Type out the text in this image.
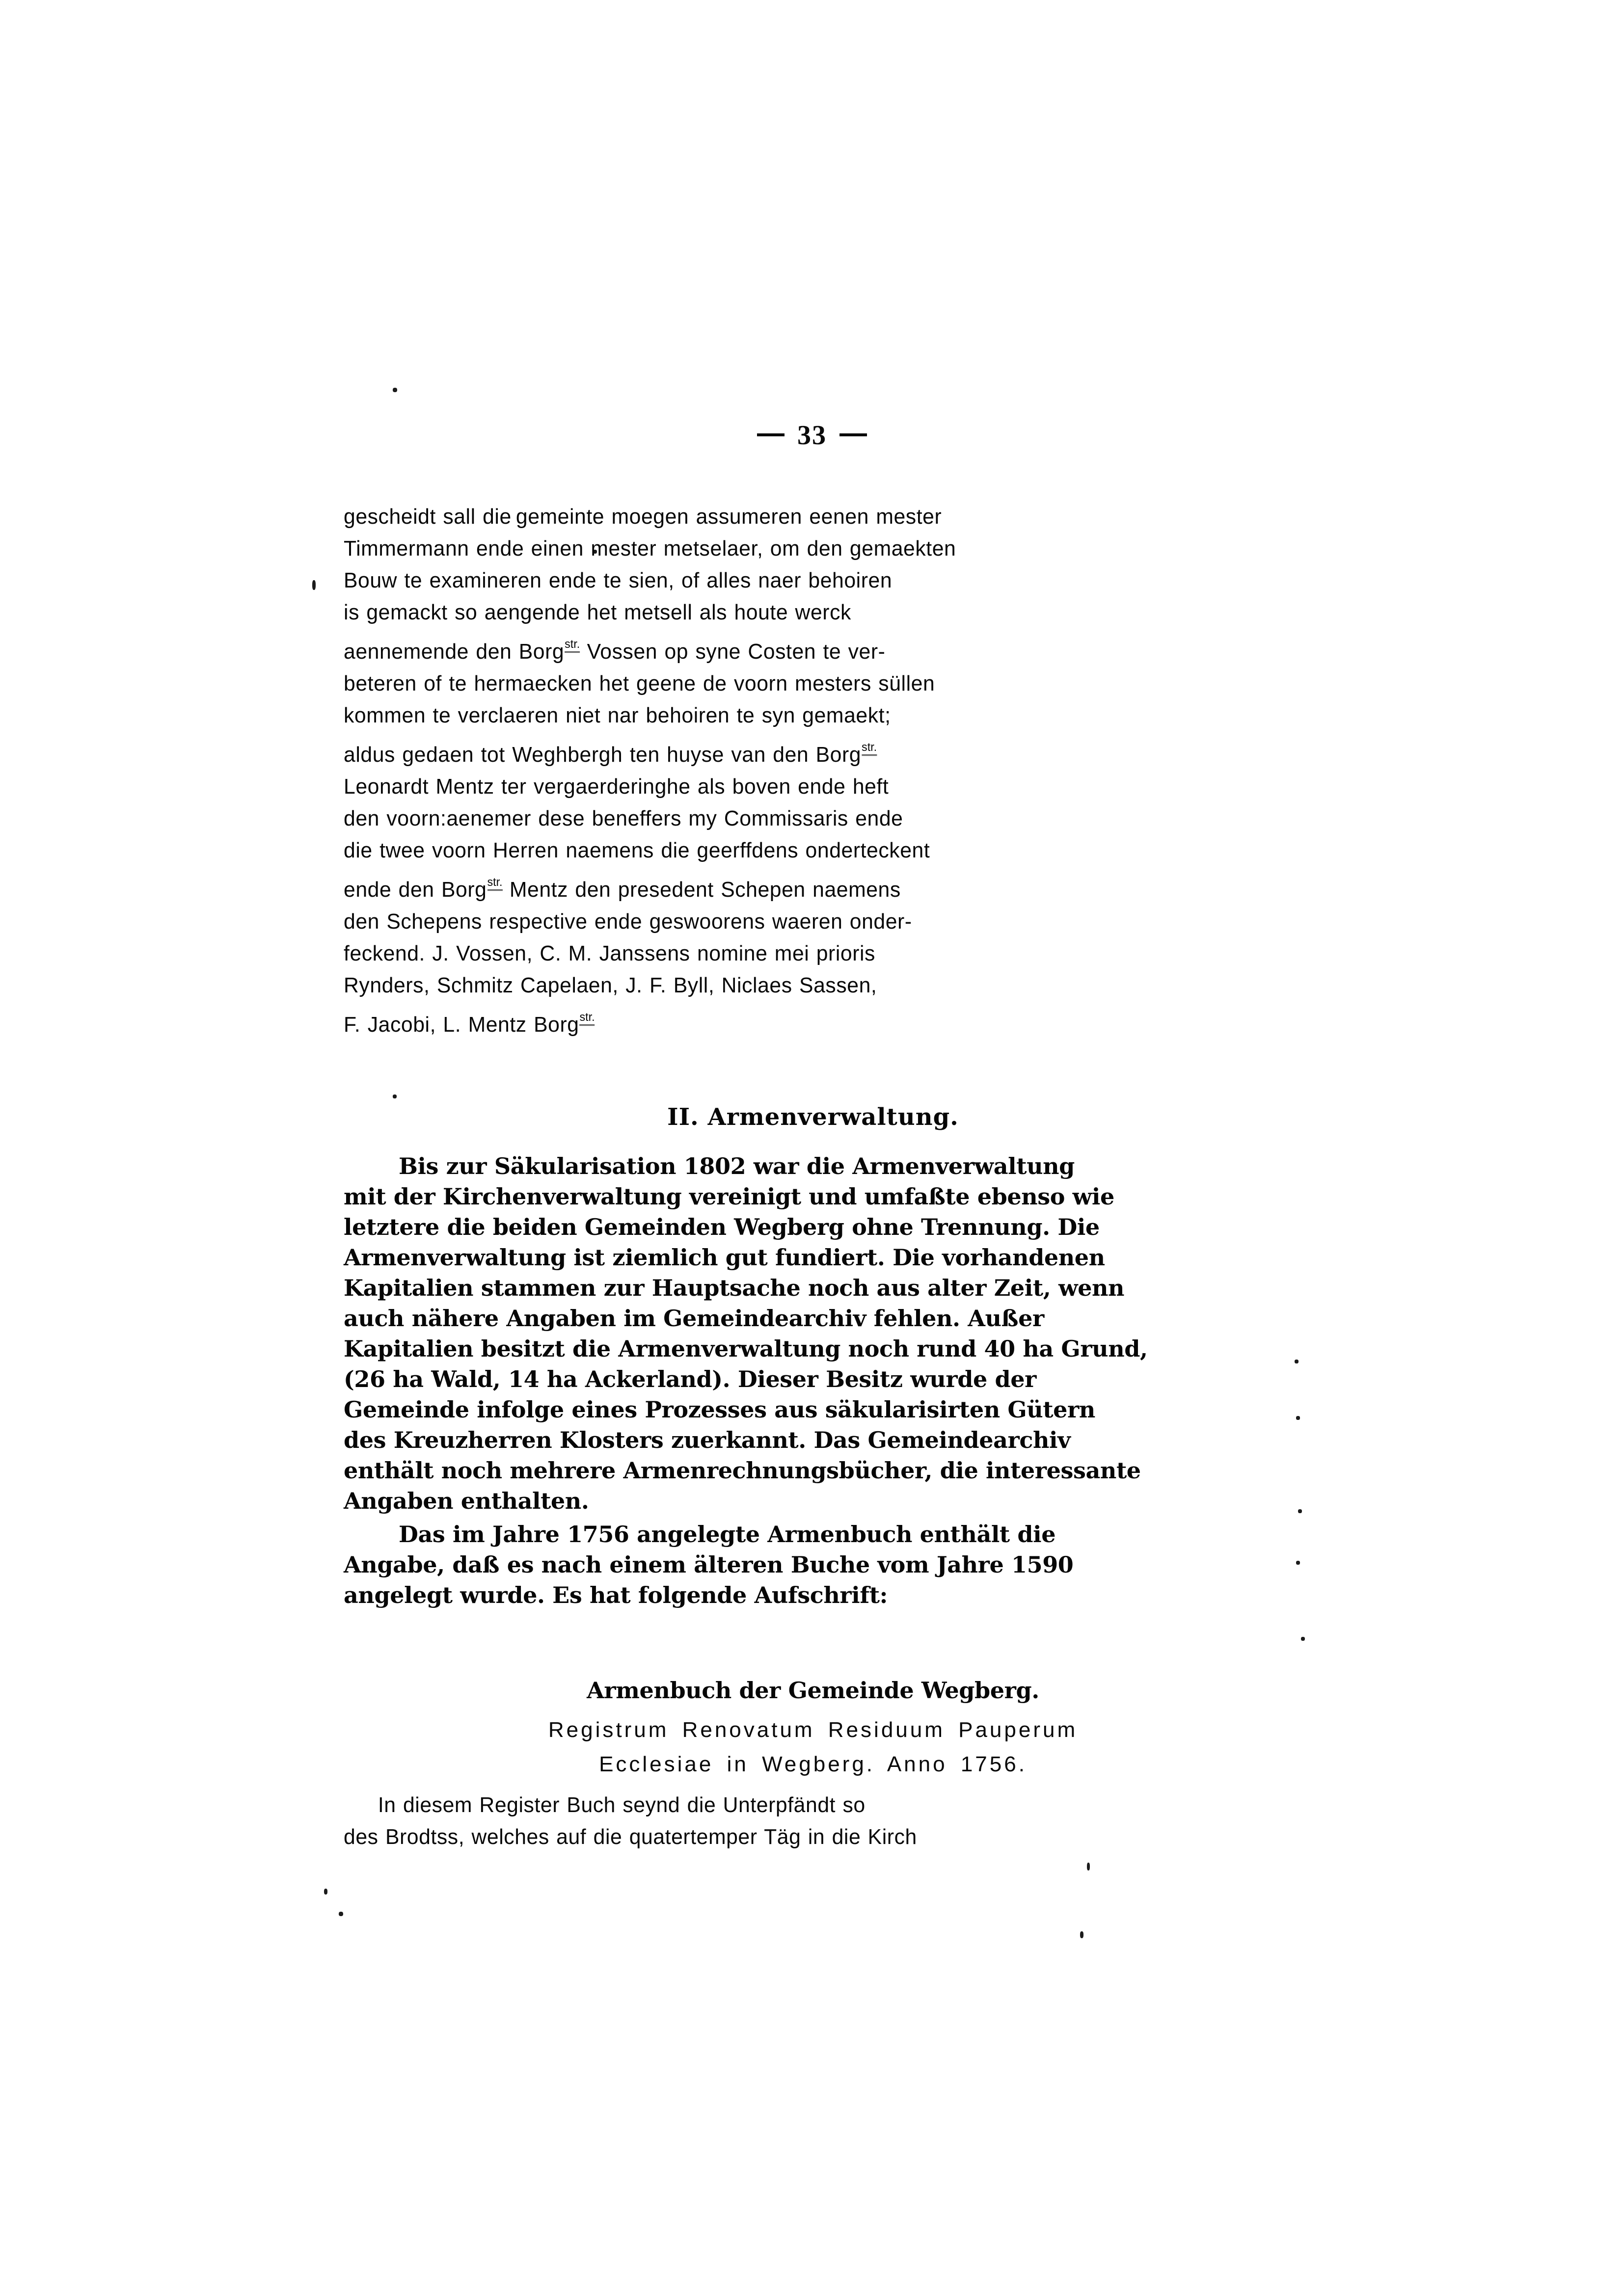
33
gescheidt sall die gemeinte moegen assumeren eenen mester
Timmermann ende einen mester metselaer, om den gemaekten
Bouw te examineren ende te sien, of alles naer behoiren
is gemackt so aengende het metsell als houte werck
aennemende den Borg$^{str.}$ Vossen op syne Costen te ver-
beteren of te hermaecken het geene de voorn mesters süllen
kommen te verclaeren niet nar behoiren te syn gemaekt;
aldus gedaen tot Weghbergh ten huyse van den Borg$^{str.}$
Leonardt Mentz ter vergaerderinghe als boven ende heft
den voorn:aenemer dese beneffers my Commissaris ende
die twee voorn Herren naemens die geerffdens onderteckent
ende den Borg$^{str.}$ Mentz den presedent Schepen naemens
den Schepens respective ende geswoorens waeren onder-
feckend. J. Vossen, C. M. Janssens nomine mei prioris
Rynders, Schmitz Capelaen, J. F. Byll, Niclaes Sassen,
F. Jacobi, L. Mentz Borg$^{str.}$
II. Armenverwaltung.
Bis zur Säkularisation 1802 war die Armenverwaltung
mit der Kirchenverwaltung vereinigt und umfaßte ebenso wie
letztere die beiden Gemeinden Wegberg ohne Trennung. Die
Armenverwaltung ist ziemlich gut fundiert. Die vorhandenen
Kapitalien stammen zur Hauptsache noch aus alter Zeit, wenn
auch nähere Angaben im Gemeindearchiv fehlen. Außer
Kapitalien besitzt die Armenverwaltung noch rund 40 ha Grund,
(26 ha Wald, 14 ha Ackerland). Dieser Besitz wurde der
Gemeinde infolge eines Prozesses aus säkularisirten Gütern
des Kreuzherren Klosters zuerkannt. Das Gemeindearchiv
enthält noch mehrere Armenrechnungsbücher, die interessante
Angaben enthalten.
Das im Jahre 1756 angelegte Armenbuch enthält die
Angabe, daß es nach einem älteren Buche vom Jahre 1590
angelegt wurde. Es hat folgende Aufschrift:
Armenbuch der Gemeinde Wegberg.
Registrum Renovatum Residuum Pauperum
Ecclesiae in Wegberg. Anno 1756.
In diesem Register Buch seynd die Unterpfändt so
des Brodtss, welches auf die quatertemper Täg in die Kirch
